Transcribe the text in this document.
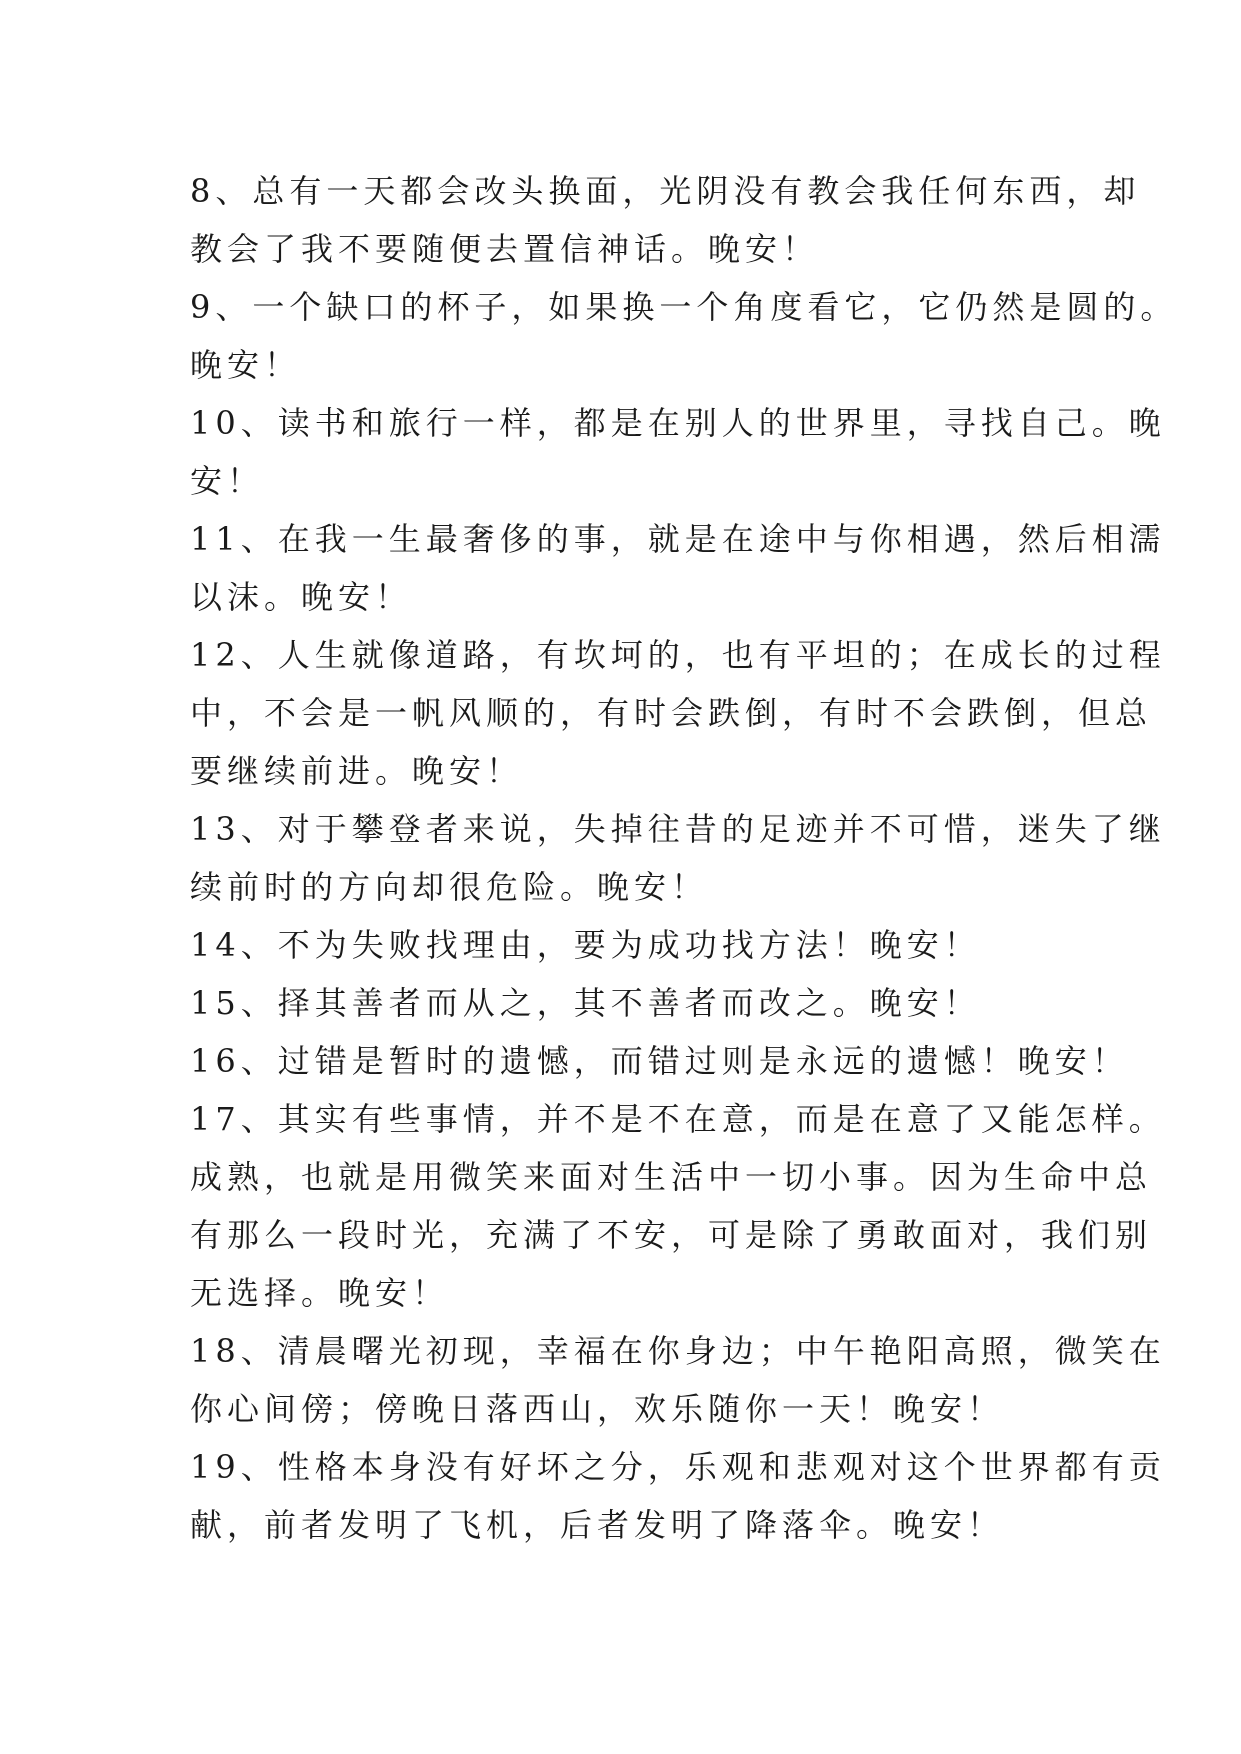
8、总有一天都会改头换面，光阴没有教会我任何东西，却
教会了我不要随便去置信神话。晚安！
9、一个缺口的杯子，如果换一个角度看它，它仍然是圆的。
晚安！
10、读书和旅行一样，都是在别人的世界里，寻找自己。晚
安！
11、在我一生最奢侈的事，就是在途中与你相遇，然后相濡
以沫。晚安！
12、人生就像道路，有坎坷的，也有平坦的；在成长的过程
中，不会是一帆风顺的，有时会跌倒，有时不会跌倒，但总
要继续前进。晚安！
13、对于攀登者来说，失掉往昔的足迹并不可惜，迷失了继
续前时的方向却很危险。晚安！
14、不为失败找理由，要为成功找方法！晚安！
15、择其善者而从之，其不善者而改之。晚安！
16、过错是暂时的遗憾，而错过则是永远的遗憾！晚安！
17、其实有些事情，并不是不在意，而是在意了又能怎样。
成熟，也就是用微笑来面对生活中一切小事。因为生命中总
有那么一段时光，充满了不安，可是除了勇敢面对，我们别
无选择。晚安！
18、清晨曙光初现，幸福在你身边；中午艳阳高照，微笑在
你心间傍；傍晚日落西山，欢乐随你一天！晚安！
19、性格本身没有好坏之分，乐观和悲观对这个世界都有贡
献，前者发明了飞机，后者发明了降落伞。晚安！
